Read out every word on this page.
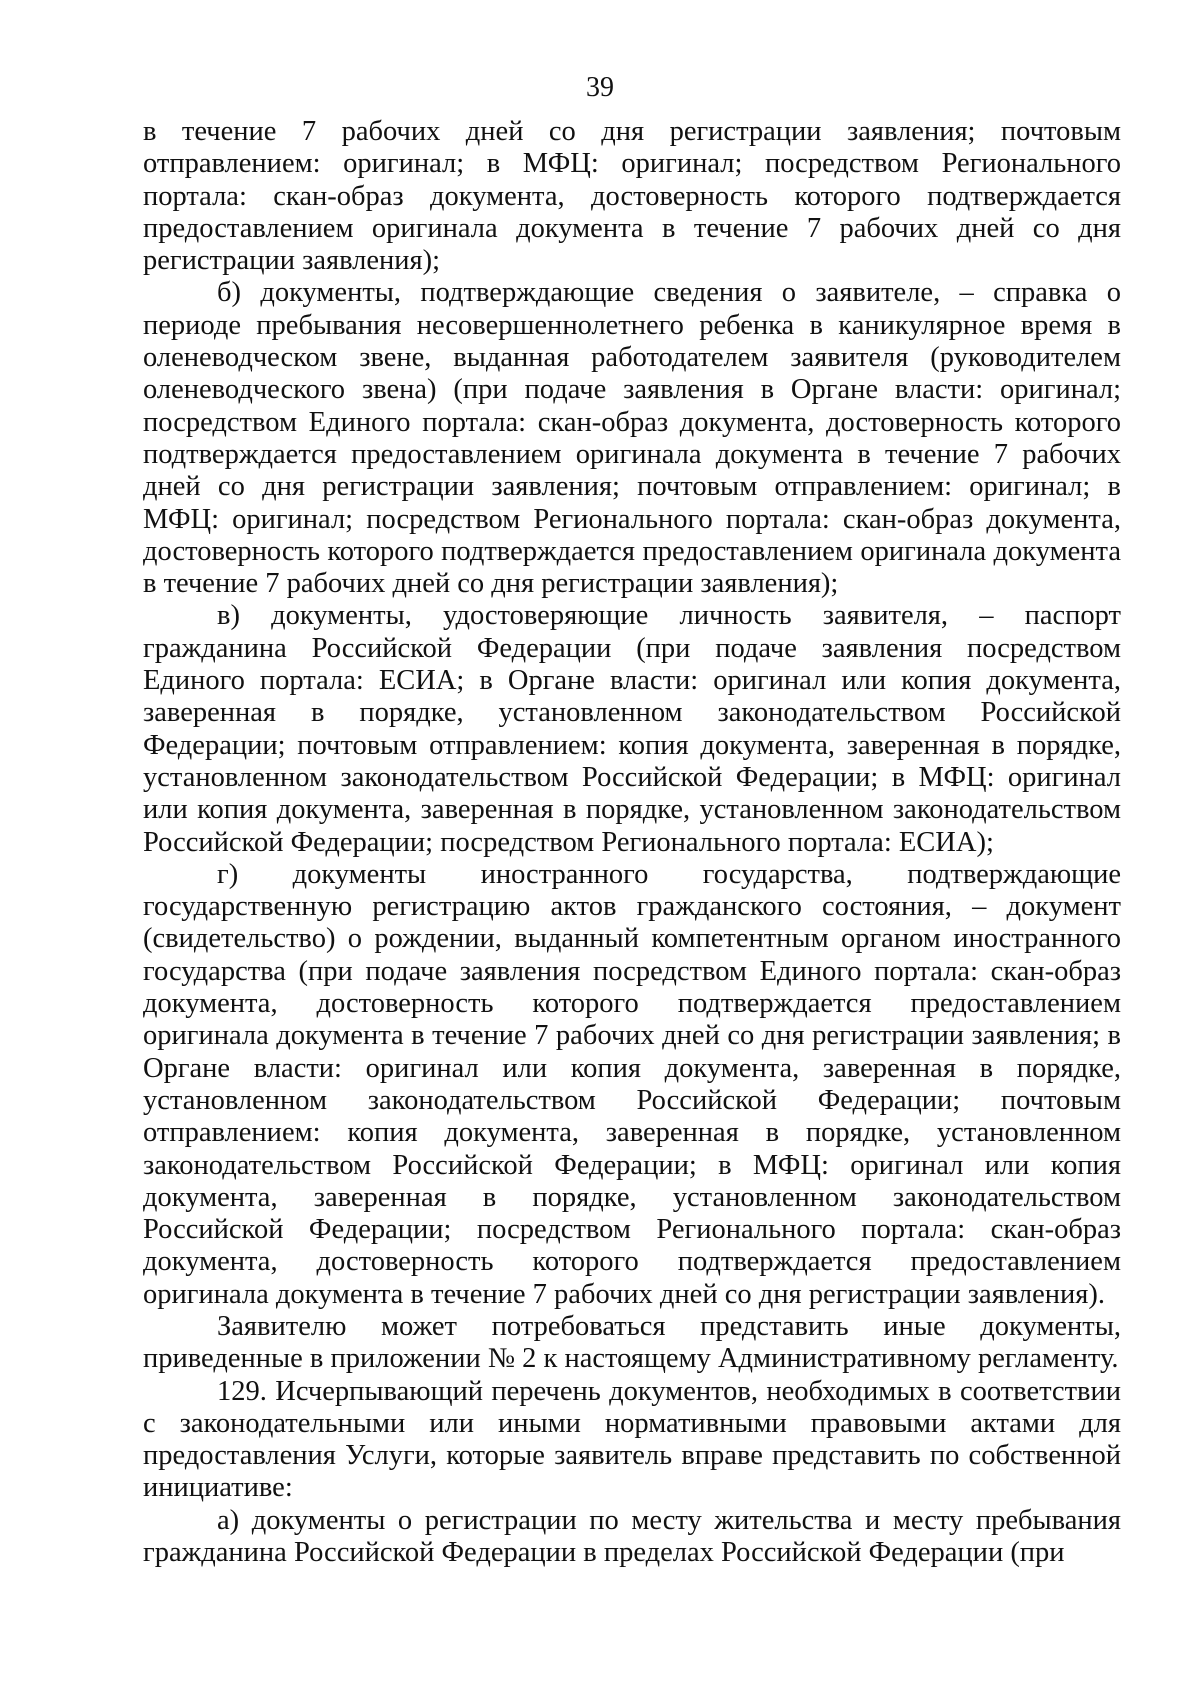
39

в течение 7 рабочих дней со дня регистрации заявления; почтовым отправлением: оригинал; в МФЦ: оригинал; посредством Регионального портала: скан-образ документа, достоверность которого подтверждается предоставлением оригинала документа в течение 7 рабочих дней со дня регистрации заявления);

б) документы, подтверждающие сведения о заявителе, – справка о периоде пребывания несовершеннолетнего ребенка в каникулярное время в оленеводческом звене, выданная работодателем заявителя (руководителем оленеводческого звена) (при подаче заявления в Органе власти: оригинал; посредством Единого портала: скан-образ документа, достоверность которого подтверждается предоставлением оригинала документа в течение 7 рабочих дней со дня регистрации заявления; почтовым отправлением: оригинал; в МФЦ: оригинал; посредством Регионального портала: скан-образ документа, достоверность которого подтверждается предоставлением оригинала документа в течение 7 рабочих дней со дня регистрации заявления);

в) документы, удостоверяющие личность заявителя, – паспорт гражданина Российской Федерации (при подаче заявления посредством Единого портала: ЕСИА; в Органе власти: оригинал или копия документа, заверенная в порядке, установленном законодательством Российской Федерации; почтовым отправлением: копия документа, заверенная в порядке, установленном законодательством Российской Федерации; в МФЦ: оригинал или копия документа, заверенная в порядке, установленном законодательством Российской Федерации; посредством Регионального портала: ЕСИА);

г) документы иностранного государства, подтверждающие государственную регистрацию актов гражданского состояния, – документ (свидетельство) о рождении, выданный компетентным органом иностранного государства (при подаче заявления посредством Единого портала: скан-образ документа, достоверность которого подтверждается предоставлением оригинала документа в течение 7 рабочих дней со дня регистрации заявления; в Органе власти: оригинал или копия документа, заверенная в порядке, установленном законодательством Российской Федерации; почтовым отправлением: копия документа, заверенная в порядке, установленном законодательством Российской Федерации; в МФЦ: оригинал или копия документа, заверенная в порядке, установленном законодательством Российской Федерации; посредством Регионального портала: скан-образ документа, достоверность которого подтверждается предоставлением оригинала документа в течение 7 рабочих дней со дня регистрации заявления).

Заявителю может потребоваться представить иные документы, приведенные в приложении № 2 к настоящему Административному регламенту.

129. Исчерпывающий перечень документов, необходимых в соответствии с законодательными или иными нормативными правовыми актами для предоставления Услуги, которые заявитель вправе представить по собственной инициативе:

а) документы о регистрации по месту жительства и месту пребывания гражданина Российской Федерации в пределах Российской Федерации (при
